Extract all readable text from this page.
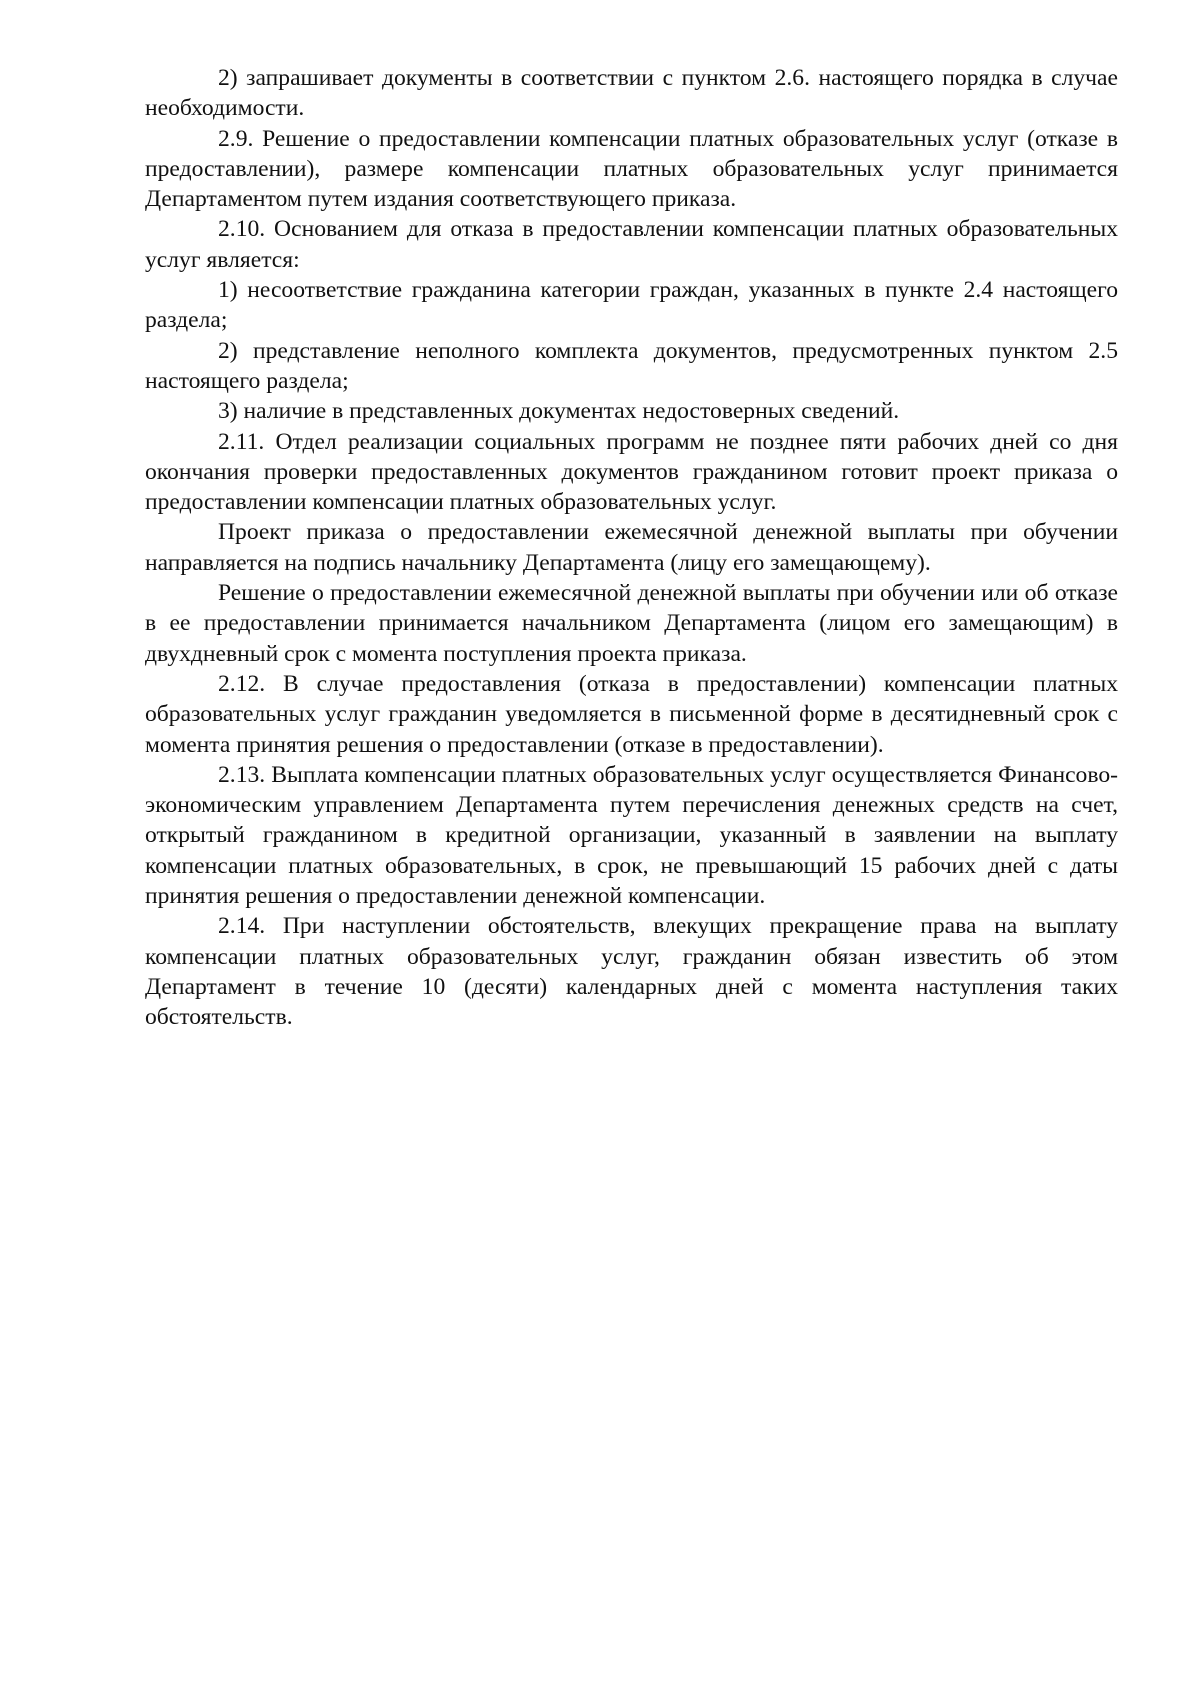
2) запрашивает документы в соответствии с пунктом 2.6. настоящего порядка в случае необходимости.

2.9. Решение о предоставлении компенсации платных образовательных услуг (отказе в предоставлении), размере компенсации платных образовательных услуг принимается Департаментом путем издания соответствующего приказа.

2.10. Основанием для отказа в предоставлении компенсации платных образовательных услуг является:

1) несоответствие гражданина категории граждан, указанных в пункте 2.4 настоящего раздела;

2) представление неполного комплекта документов, предусмотренных пунктом 2.5 настоящего раздела;

3) наличие в представленных документах недостоверных сведений.

2.11. Отдел реализации социальных программ не позднее пяти рабочих дней со дня окончания проверки предоставленных документов гражданином готовит проект приказа о предоставлении компенсации платных образовательных услуг.

Проект приказа о предоставлении ежемесячной денежной выплаты при обучении направляется на подпись начальнику Департамента (лицу его замещающему).

Решение о предоставлении ежемесячной денежной выплаты при обучении или об отказе в ее предоставлении принимается начальником Департамента (лицом его замещающим) в двухдневный срок с момента поступления проекта приказа.

2.12. В случае предоставления (отказа в предоставлении) компенсации платных образовательных услуг гражданин уведомляется в письменной форме в десятидневный срок с момента принятия решения о предоставлении (отказе в предоставлении).

2.13. Выплата компенсации платных образовательных услуг осуществляется Финансово-экономическим управлением Департамента путем перечисления денежных средств на счет, открытый гражданином в кредитной организации, указанный в заявлении на выплату компенсации платных образовательных, в срок, не превышающий 15 рабочих дней с даты принятия решения о предоставлении денежной компенсации.

2.14. При наступлении обстоятельств, влекущих прекращение права на выплату компенсации платных образовательных услуг, гражданин обязан известить об этом Департамент в течение 10 (десяти) календарных дней с момента наступления таких обстоятельств.
